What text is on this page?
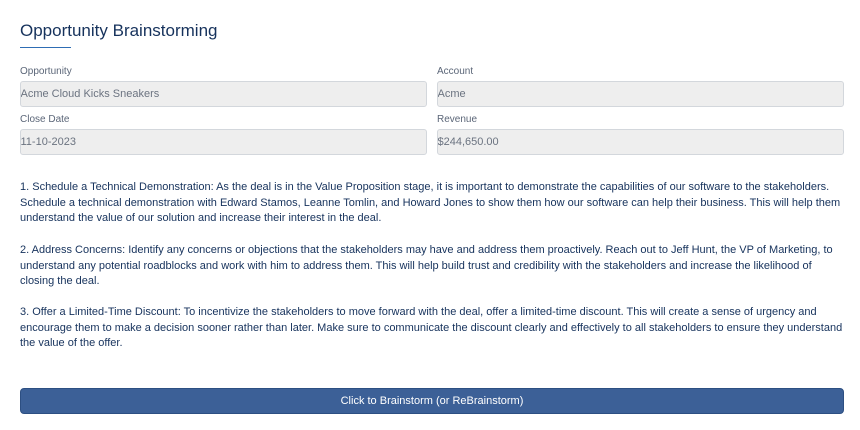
Opportunity Brainstorming
Opportunity
Acme Cloud Kicks Sneakers
Account
Acme
Close Date
11-10-2023
Revenue
$244,650.00

1. Schedule a Technical Demonstration: As the deal is in the Value Proposition stage, it is important to demonstrate the capabilities of our software to the stakeholders. Schedule a technical demonstration with Edward Stamos, Leanne Tomlin, and Howard Jones to show them how our software can help their business. This will help them understand the value of our solution and increase their interest in the deal.

2. Address Concerns: Identify any concerns or objections that the stakeholders may have and address them proactively. Reach out to Jeff Hunt, the VP of Marketing, to understand any potential roadblocks and work with him to address them. This will help build trust and credibility with the stakeholders and increase the likelihood of closing the deal.

3. Offer a Limited-Time Discount: To incentivize the stakeholders to move forward with the deal, offer a limited-time discount. This will create a sense of urgency and encourage them to make a decision sooner rather than later. Make sure to communicate the discount clearly and effectively to all stakeholders to ensure they understand the value of the offer.

Click to Brainstorm (or ReBrainstorm)
